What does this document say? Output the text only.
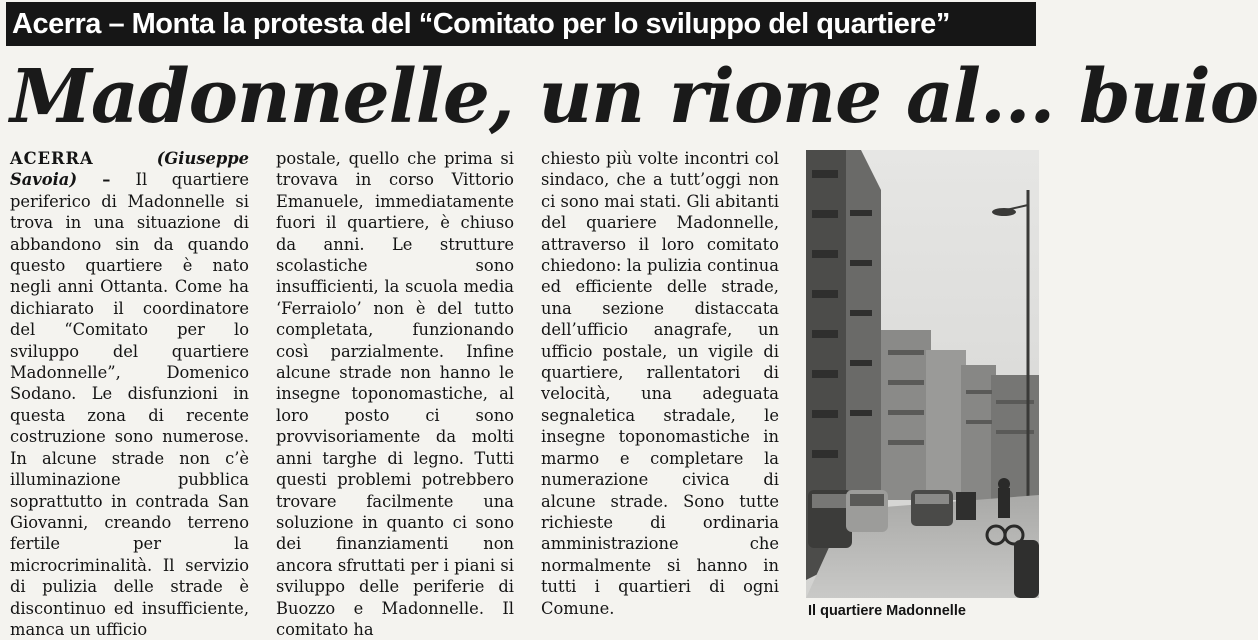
Acerra – Monta la protesta del “Comitato per lo sviluppo del quartiere”
Madonnelle, un rione al... buio

ACERRA	(Giuseppe Savoia) – Il quartiere periferico di Madonnelle si trova in una situazione di abbandono sin da quando questo quartiere è nato negli anni Ottanta. Come ha dichiarato il coordinatore del “Comitato per lo sviluppo del quartiere Madonnelle”, Domenico Sodano. Le disfunzioni in questa zona di recente costruzione sono numerose. In alcune strade non c’è illuminazione pubblica soprattutto in contrada San Giovanni, creando terreno fertile per la microcriminalità. Il servizio di pulizia delle strade è discontinuo ed insufficiente, manca un ufficio

postale, quello che prima si trovava in corso Vittorio Emanuele, immediatamente fuori il quartiere, è chiuso da anni. Le strutture scolastiche sono insufficienti, la scuola media ‘Ferraiolo’ non è del tutto completata, funzionando così parzialmente. Infine alcune strade non hanno le insegne toponomastiche, al loro posto ci sono provvisoriamente da molti anni targhe di legno. Tutti questi problemi potrebbero trovare facilmente una soluzione in quanto ci sono dei finanziamenti non ancora sfruttati per i piani si sviluppo delle periferie di Buozzo e Madonnelle. Il comitato ha

chiesto più volte incontri col sindaco, che a tutt’oggi non ci sono mai stati. Gli abitanti del quariere Madonnelle, attraverso il loro comitato chiedono: la pulizia continua ed efficiente delle strade, una sezione distaccata dell’ufficio anagrafe, un ufficio postale, un vigile di quartiere, rallentatori di velocità, una adeguata segnaletica stradale, le insegne toponomastiche in marmo e completare la numerazione civica di alcune strade. Sono tutte richieste di ordinaria amministrazione che normalmente si hanno in tutti i quartieri di ogni Comune.	Il quartiere Madonnelle
